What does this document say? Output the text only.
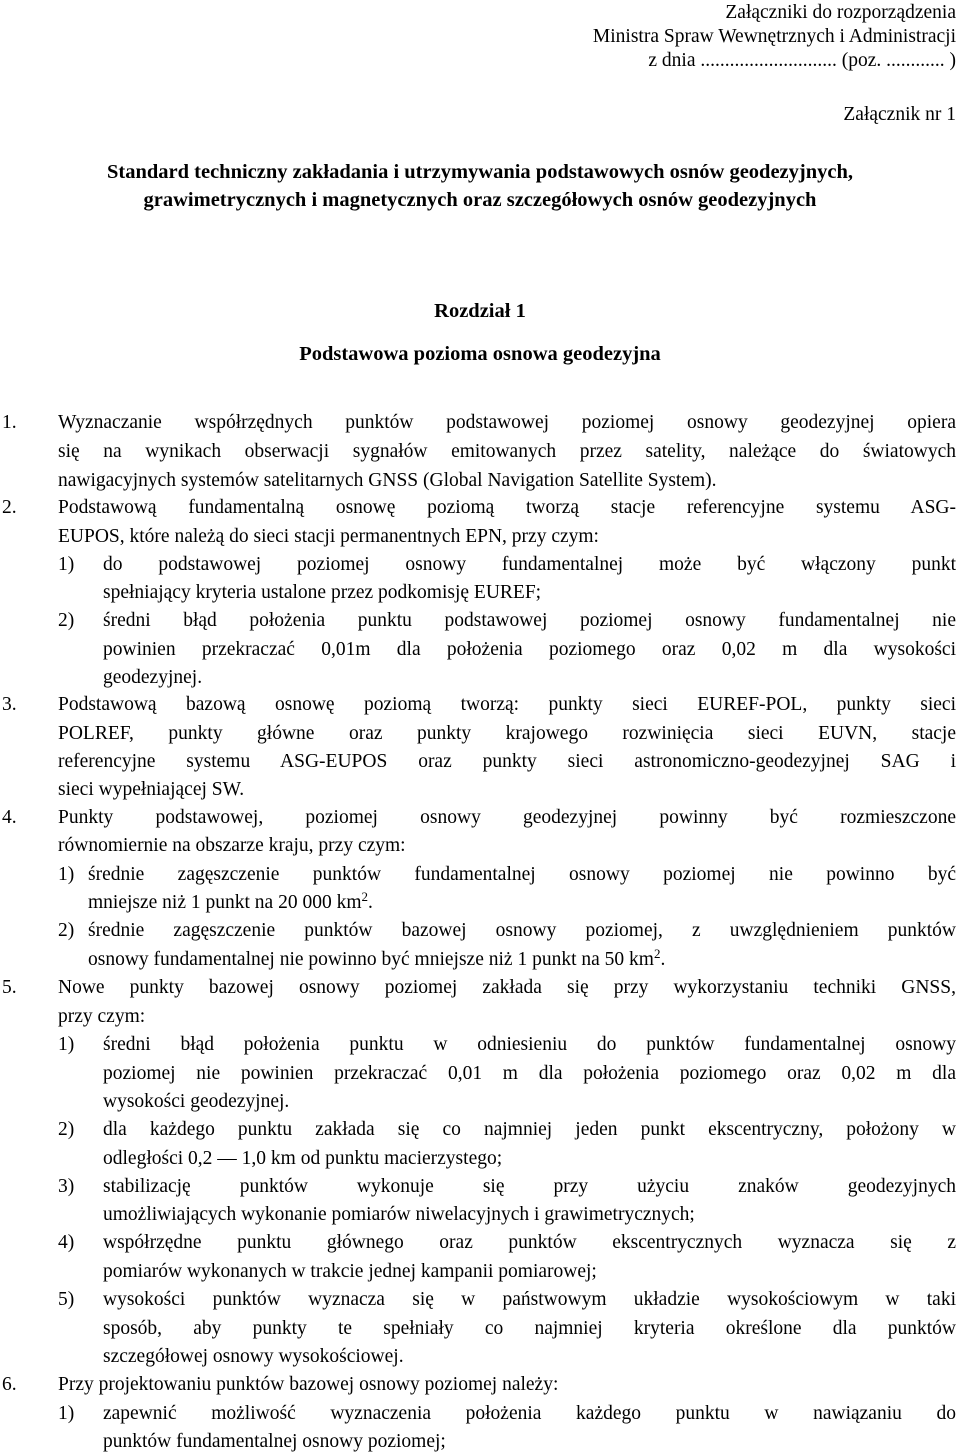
Załączniki do rozporządzenia
Ministra Spraw Wewnętrznych i Administracji
z dnia ............................ (poz. ............ )
Załącznik nr 1
Standard techniczny zakładania i utrzymywania podstawowych osnów geodezyjnych,
grawimetrycznych i magnetycznych oraz szczegółowych osnów geodezyjnych
Rozdział 1
Podstawowa pozioma osnowa geodezyjna
1. Wyznaczanie współrzędnych punktów podstawowej poziomej osnowy geodezyjnej opiera
się na wynikach obserwacji sygnałów emitowanych przez satelity, należące do światowych
nawigacyjnych systemów satelitarnych GNSS (Global Navigation Satellite System).
2. Podstawową fundamentalną osnowę poziomą tworzą stacje referencyjne systemu ASG-
EUPOS, które należą do sieci stacji permanentnych EPN, przy czym:
1) do podstawowej poziomej osnowy fundamentalnej może być włączony punkt
spełniający kryteria ustalone przez podkomisję EUREF;
2) średni błąd położenia punktu podstawowej poziomej osnowy fundamentalnej nie
powinien przekraczać 0,01m dla położenia poziomego oraz 0,02 m dla wysokości
geodezyjnej.
3. Podstawową bazową osnowę poziomą tworzą: punkty sieci EUREF-POL, punkty sieci
POLREF, punkty główne oraz punkty krajowego rozwinięcia sieci EUVN, stacje
referencyjne systemu ASG-EUPOS oraz punkty sieci astronomiczno-geodezyjnej SAG i
sieci wypełniającej SW.
4. Punkty podstawowej, poziomej osnowy geodezyjnej powinny być rozmieszczone
równomiernie na obszarze kraju, przy czym:
1) średnie zagęszczenie punktów fundamentalnej osnowy poziomej nie powinno być
mniejsze niż 1 punkt na 20 000 $km^2$.
2) średnie zagęszczenie punktów bazowej osnowy poziomej, z uwzględnieniem punktów
osnowy fundamentalnej nie powinno być mniejsze niż 1 punkt na 50 $km^2$.
5. Nowe punkty bazowej osnowy poziomej zakłada się przy wykorzystaniu techniki GNSS,
przy czym:
1) średni błąd położenia punktu w odniesieniu do punktów fundamentalnej osnowy
poziomej nie powinien przekraczać 0,01 m dla położenia poziomego oraz 0,02 m dla
wysokości geodezyjnej.
2) dla każdego punktu zakłada się co najmniej jeden punkt ekscentryczny, położony w
odległości 0,2 — 1,0 km od punktu macierzystego;
3) stabilizację punktów wykonuje się przy użyciu znaków geodezyjnych
umożliwiających wykonanie pomiarów niwelacyjnych i grawimetrycznych;
4) współrzędne punktu głównego oraz punktów ekscentrycznych wyznacza się z
pomiarów wykonanych w trakcie jednej kampanii pomiarowej;
5) wysokości punktów wyznacza się w państwowym układzie wysokościowym w taki
sposób, aby punkty te spełniały co najmniej kryteria określone dla punktów
szczegółowej osnowy wysokościowej.
6. Przy projektowaniu punktów bazowej osnowy poziomej należy:
1) zapewnić możliwość wyznaczenia położenia każdego punktu w nawiązaniu do
punktów fundamentalnej osnowy poziomej;
